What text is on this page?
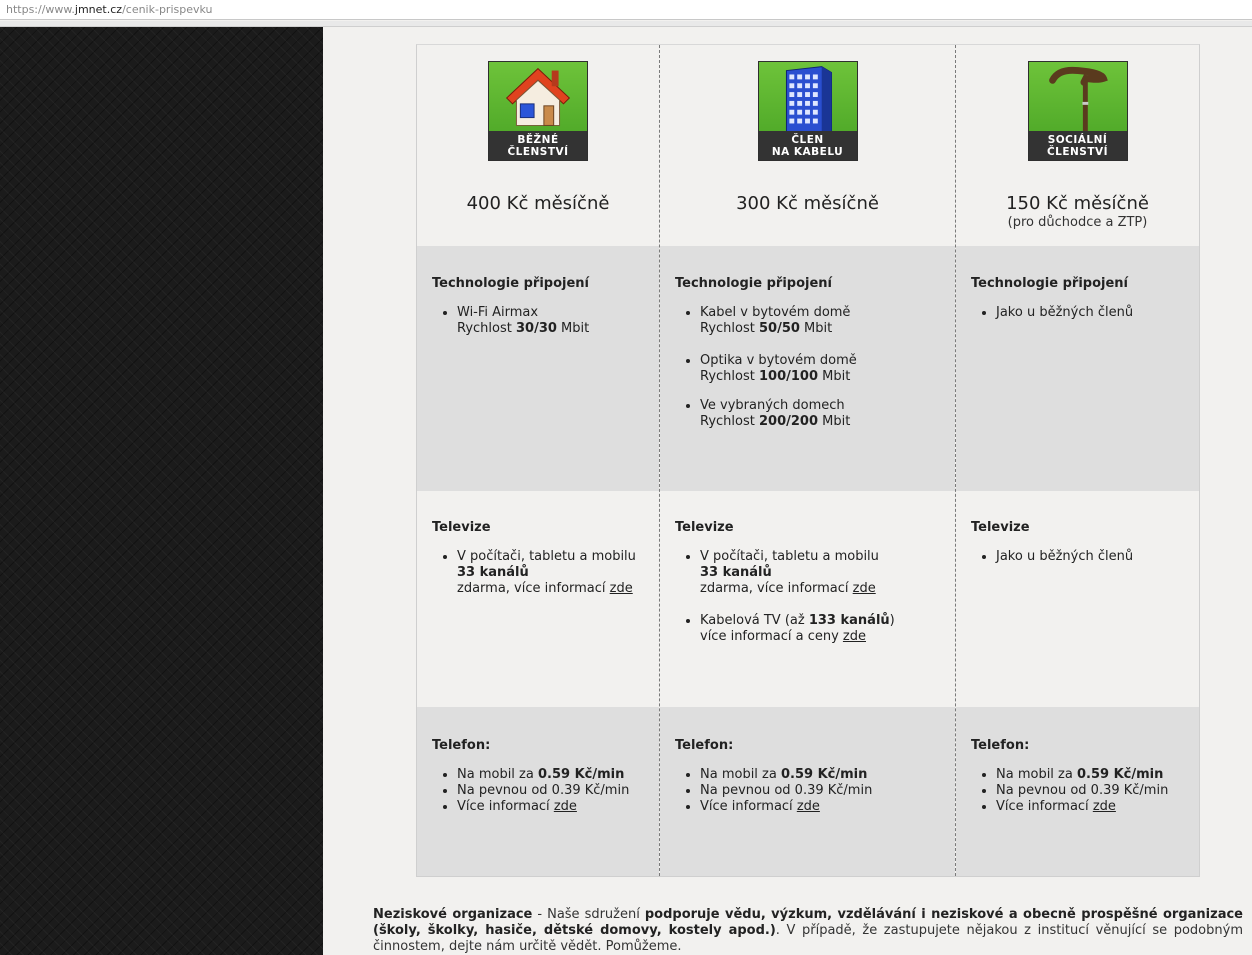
https://www.jmnet.cz/cenik-prispevku
BĚŽNÉ
ČLENSTVÍ
400 Kč měsíčně
Technologie připojení
• Wi-Fi Airmax
Rychlost 30/30 Mbit
Televize
• V počítači, tabletu a mobilu
33 kanálů
zdarma, více informací zde
Telefon:
• Na mobil za 0.59 Kč/min
• Na pevnou od 0.39 Kč/min
• Více informací zde
ČLEN
NA KABELU
300 Kč měsíčně
Technologie připojení
• Kabel v bytovém domě
Rychlost 50/50 Mbit
• Optika v bytovém domě
Rychlost 100/100 Mbit
• Ve vybraných domech
Rychlost 200/200 Mbit
Televize
• V počítači, tabletu a mobilu
33 kanálů
zdarma, více informací zde
• Kabelová TV (až 133 kanálů)
více informací a ceny zde
Telefon:
• Na mobil za 0.59 Kč/min
• Na pevnou od 0.39 Kč/min
• Více informací zde
SOCIÁLNÍ
ČLENSTVÍ
150 Kč měsíčně
(pro důchodce a ZTP)
Technologie připojení
• Jako u běžných členů
Televize
• Jako u běžných členů
Telefon:
• Na mobil za 0.59 Kč/min
• Na pevnou od 0.39 Kč/min
• Více informací zde
Neziskové organizace - Naše sdružení podporuje vědu, výzkum, vzdělávání i neziskové a obecně prospěšné organizace (školy, školky, hasiče, dětské domovy, kostely apod.). V případě, že zastupujete nějakou z institucí věnující se podobným činnostem, dejte nám určitě vědět. Pomůžeme.
